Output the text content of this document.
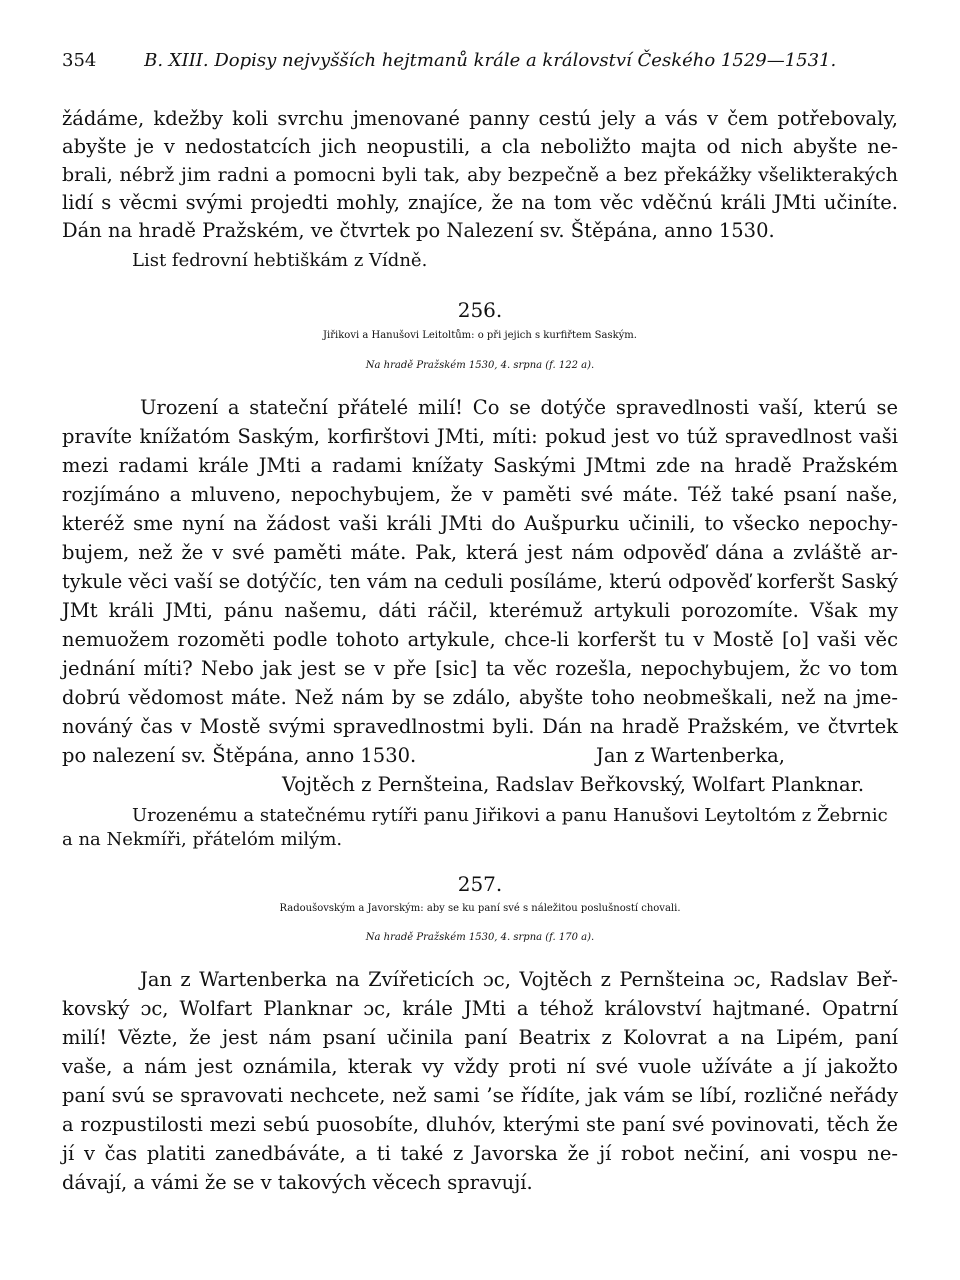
354	B. XIII. Dopisy nejvyšších hejtmanů krále a království Českého 1529—1531.
žádáme, kdežby koli svrchu jmenované panny cestú jely a vás v čem potřebovaly,
abyšte je v nedostatcích jich neopustili, a cla neboližto majta od nich abyšte ne-
brali, nébrž jim radni a pomocni byli tak, aby bezpečně a bez překážky všelikterakých
lidí s věcmi svými projedti mohly, znajíce, že na tom věc vděčnú králi JMti učiníte.
Dán na hradě Pražském, ve čtvrtek po Nalezení sv. Štěpána, anno 1530.
List fedrovní hebtiškám z Vídně.
256.
Jiřikovi a Hanušovi Leitoltům: o při jejich s kurfiřtem Saským.
Na hradě Pražském 1530, 4. srpna (f. 122 a).
Urození a stateční přátelé milí! Co se dotýče spravedlnosti vaší, kterú se
pravíte knížatóm Saským, korfirštovi JMti, míti: pokud jest vo túž spravedlnost vaši
mezi radami krále JMti a radami knížaty Saskými JMtmi zde na hradě Pražském
rozjímáno a mluveno, nepochybujem, že v paměti své máte. Též také psaní naše,
kteréž sme nyní na žádost vaši králi JMti do Aušpurku učinili, to všecko nepochy-
bujem, než že v své paměti máte. Pak, která jest nám odpověď dána a zvláště ar-
tykule věci vaší se dotýčíc, ten vám na ceduli posíláme, kterú odpověď korferšt Saský
JMt králi JMti, pánu našemu, dáti ráčil, kterémuž artykuli porozomíte. Však my
nemuožem rozoměti podle tohoto artykule, chce-li korferšt tu v Mostě [o] vaši věc
jednání míti? Nebo jak jest se v pře [sic] ta věc rozešla, nepochybujem, žc vo tom
dobrú vědomost máte. Než nám by se zdálo, abyšte toho neobmeškali, než na jme-
nováný čas v Mostě svými spravedlnostmi byli. Dán na hradě Pražském, ve čtvrtek
po nalezení sv. Štěpána, anno 1530.	Jan z Wartenberka,
Vojtěch z Pernšteina, Radslav Beřkovský, Wolfart Planknar.
Urozenému a statečnému rytíři panu Jiřikovi a panu Hanušovi Leytoltóm z Žebrnic
a na Nekmíři, přátelóm milým.
257.
Radoušovským a Javorským: aby se ku paní své s náležitou poslušností chovali.
Na hradě Pražském 1530, 4. srpna (f. 170 a).
Jan z Wartenberka na Zvířeticích ɔc, Vojtěch z Pernšteina ɔc, Radslav Beř-
kovský ɔc, Wolfart Planknar ɔc, krále JMti a téhož království hajtmané. Opatrní
milí! Vězte, že jest nám psaní učinila paní Beatrix z Kolovrat a na Lipém, paní
vaše, a nám jest oznámila, kterak vy vždy proti ní své vuole užíváte a jí jakožto
paní svú se spravovati nechcete, než sami ’se řídíte, jak vám se líbí, rozličné neřády
a rozpustilosti mezi sebú puosobíte, dluhóv, kterými ste paní své povinovati, těch že
jí v čas platiti zanedbáváte, a ti také z Javorska že jí robot nečiní, ani vospu ne-
dávají, a vámi že se v takových věcech spravují.
